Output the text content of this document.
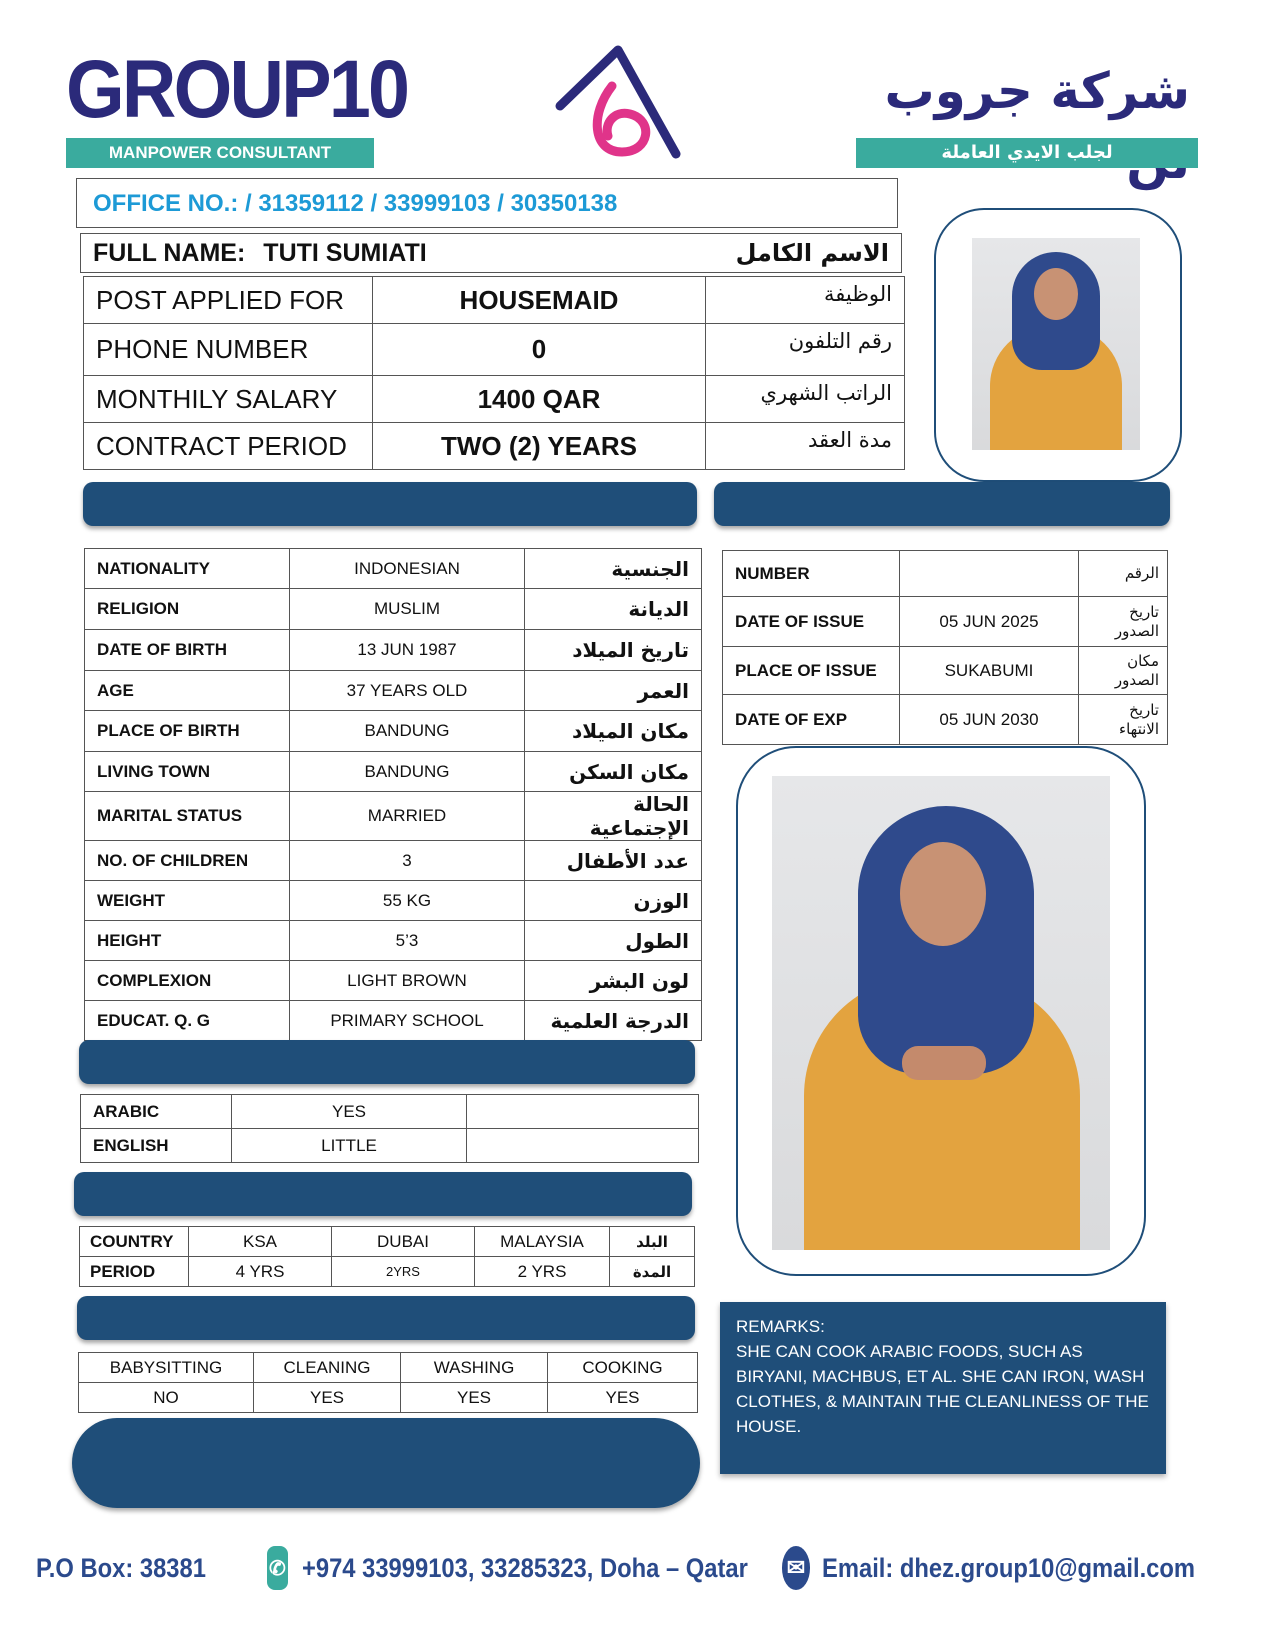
GROUP10
MANPOWER CONSULTANT
شركة جروب
لجلب الايدي العاملة
OFFICE NO.: / 31359112 / 33999103 / 30350138
FULL NAME: TUTI SUMIATI	الاسم الكامل
POST APPLIED FOR	HOUSEMAID	الوظيفة
PHONE NUMBER	0	رقم التلفون
MONTHILY SALARY	1400 QAR	الراتب الشهري
CONTRACT PERIOD	TWO (2) YEARS	مدة العقد
NATIONALITY	INDONESIAN	الجنسية
RELIGION	MUSLIM	الديانة
DATE OF BIRTH	13 JUN 1987	تاريخ الميلاد
AGE	37 YEARS OLD	العمر
PLACE OF BIRTH	BANDUNG	مكان الميلاد
LIVING TOWN	BANDUNG	مكان السكن
MARITAL STATUS	MARRIED	الحالة الإجتماعية
NO. OF CHILDREN	3	عدد الأطفال
WEIGHT	55 KG	الوزن
HEIGHT	5’3	الطول
COMPLEXION	LIGHT BROWN	لون البشر
EDUCAT. Q. G	PRIMARY SCHOOL	الدرجة العلمية
NUMBER		الرقم
DATE OF ISSUE	05 JUN 2025	تاريخ الصدور
PLACE OF ISSUE	SUKABUMI	مكان الصدور
DATE OF EXP	05 JUN 2030	تاريخ الانتهاء
ARABIC	YES	
ENGLISH	LITTLE	
COUNTRY	KSA	DUBAI	MALAYSIA	البلد
PERIOD	4 YRS	2YRS	2 YRS	المدة
BABYSITTING	CLEANING	WASHING	COOKING
NO	YES	YES	YES
REMARKS:
SHE CAN COOK ARABIC FOODS, SUCH AS BIRYANI, MACHBUS, ET AL. SHE CAN IRON, WASH CLOTHES, & MAINTAIN THE CLEANLINESS OF THE HOUSE.
P.O Box: 38381	✆ +974 33999103, 33285323, Doha – Qatar ✉ Email: dhez.group10@gmail.com
